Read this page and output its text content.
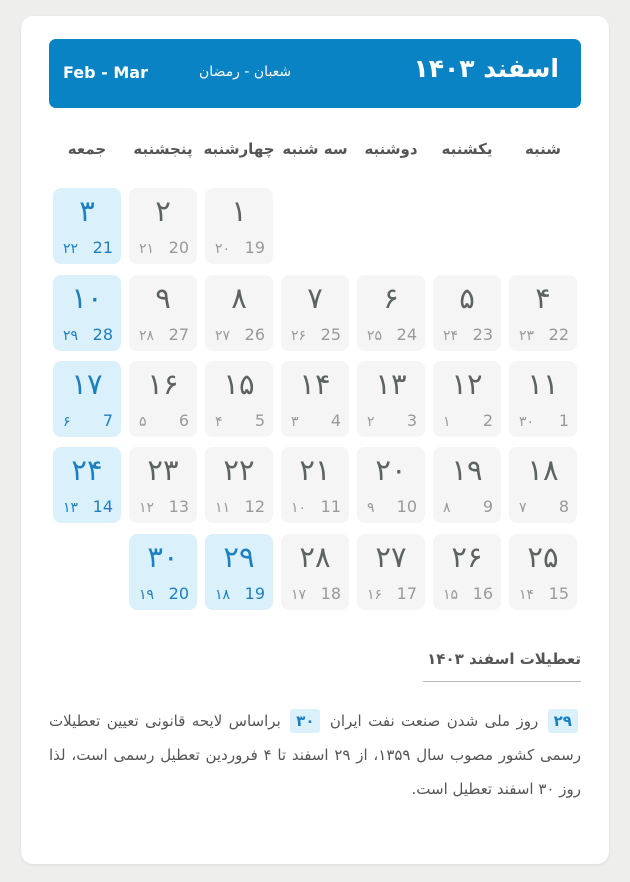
اسفند ۱۴۰۳
شعبان - رمضان
Feb - Mar
شنبه
یکشنبه
دوشنبه
سه شنبه
چهارشنبه
پنجشنبه
جمعه
۱
19
۲۰
۲
20
۲۱
۳
21
۲۲
۴
22
۲۳
۵
23
۲۴
۶
24
۲۵
۷
25
۲۶
۸
26
۲۷
۹
27
۲۸
۱۰
28
۲۹
۱۱
1
۳۰
۱۲
2
۱
۱۳
3
۲
۱۴
4
۳
۱۵
5
۴
۱۶
6
۵
۱۷
7
۶
۱۸
8
۷
۱۹
9
۸
۲۰
10
۹
۲۱
11
۱۰
۲۲
12
۱۱
۲۳
13
۱۲
۲۴
14
۱۳
۲۵
15
۱۴
۲۶
16
۱۵
۲۷
17
۱۶
۲۸
18
۱۷
۲۹
19
۱۸
۳۰
20
۱۹
تعطیلات اسفند ۱۴۰۳
۲۹ روز ملی شدن صنعت نفت ایران ۳۰ براساس لایحه قانونی تعیین تعطیلات رسمی کشور مصوب سال ۱۳۵۹، از ۲۹ اسفند تا ۴ فروردین تعطیل رسمی است، لذا روز ۳۰ اسفند تعطیل است.
